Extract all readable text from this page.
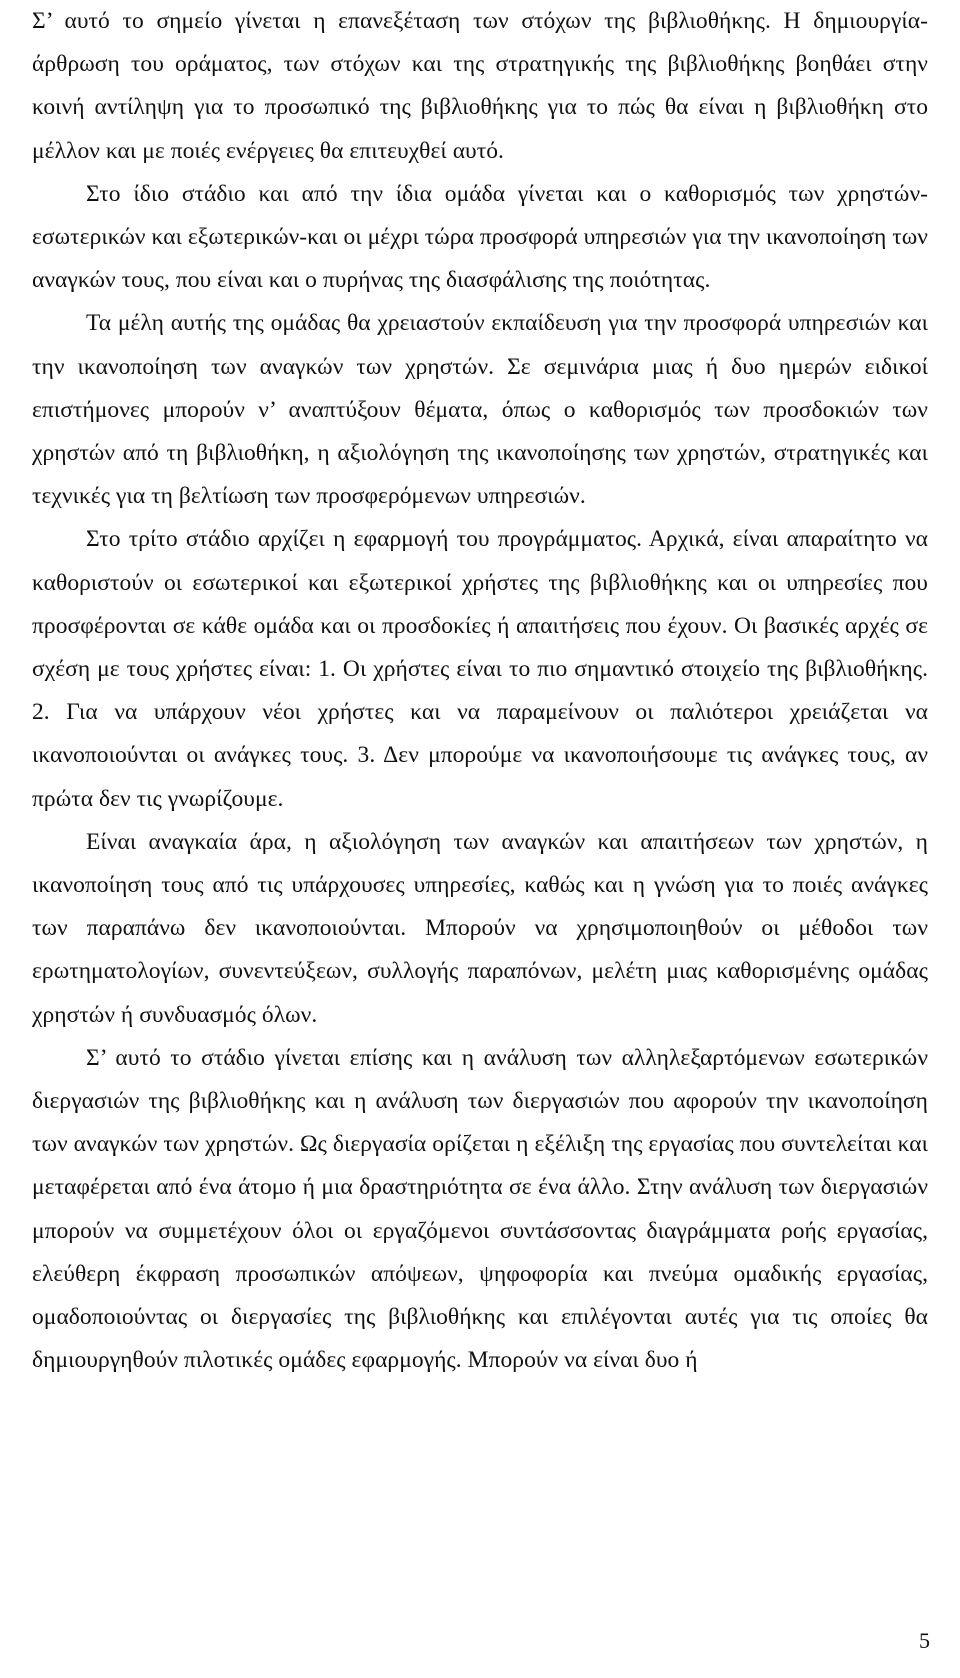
Σ’ αυτό το σημείο γίνεται η επανεξέταση των στόχων της βιβλιοθήκης. Η δημιουργία-άρθρωση του οράματος, των στόχων και της στρατηγικής της βιβλιοθήκης βοηθάει στην κοινή αντίληψη για το προσωπικό της βιβλιοθήκης για το πώς θα είναι η βιβλιοθήκη στο μέλλον και με ποιές ενέργειες θα επιτευχθεί αυτό.

Στο ίδιο στάδιο και από την ίδια ομάδα γίνεται και ο καθορισμός των χρηστών-εσωτερικών και εξωτερικών-και οι μέχρι τώρα προσφορά υπηρεσιών για την ικανοποίηση των αναγκών τους, που είναι και ο πυρήνας της διασφάλισης της ποιότητας.

Τα μέλη αυτής της ομάδας θα χρειαστούν εκπαίδευση για την προσφορά υπηρεσιών και την ικανοποίηση των αναγκών των χρηστών. Σε σεμινάρια μιας ή δυο ημερών ειδικοί επιστήμονες μπορούν ν’ αναπτύξουν θέματα, όπως ο καθορισμός των προσδοκιών των χρηστών από τη βιβλιοθήκη, η αξιολόγηση της ικανοποίησης των χρηστών, στρατηγικές και τεχνικές για τη βελτίωση των προσφερόμενων υπηρεσιών.

Στο τρίτο στάδιο αρχίζει η εφαρμογή του προγράμματος. Αρχικά, είναι απαραίτητο να καθοριστούν οι εσωτερικοί και εξωτερικοί χρήστες της βιβλιοθήκης και οι υπηρεσίες που προσφέρονται σε κάθε ομάδα και οι προσδοκίες ή απαιτήσεις που έχουν. Οι βασικές αρχές σε σχέση με τους χρήστες είναι: 1. Οι χρήστες είναι το πιο σημαντικό στοιχείο της βιβλιοθήκης. 2. Για να υπάρχουν νέοι χρήστες και να παραμείνουν οι παλιότεροι χρειάζεται να ικανοποιούνται οι ανάγκες τους. 3. Δεν μπορούμε να ικανοποιήσουμε τις ανάγκες τους, αν πρώτα δεν τις γνωρίζουμε.

Είναι αναγκαία άρα, η αξιολόγηση των αναγκών και απαιτήσεων των χρηστών, η ικανοποίηση τους από τις υπάρχουσες υπηρεσίες, καθώς και η γνώση για το ποιές ανάγκες των παραπάνω δεν ικανοποιούνται. Μπορούν να χρησιμοποιηθούν οι μέθοδοι των ερωτηματολογίων, συνεντεύξεων, συλλογής παραπόνων, μελέτη μιας καθορισμένης ομάδας χρηστών ή συνδυασμός όλων.

Σ’ αυτό το στάδιο γίνεται επίσης και η ανάλυση των αλληλεξαρτόμενων εσωτερικών διεργασιών της βιβλιοθήκης και η ανάλυση των διεργασιών που αφορούν την ικανοποίηση των αναγκών των χρηστών. Ως διεργασία ορίζεται η εξέλιξη της εργασίας που συντελείται και μεταφέρεται από ένα άτομο ή μια δραστηριότητα σε ένα άλλο. Στην ανάλυση των διεργασιών μπορούν να συμμετέχουν όλοι οι εργαζόμενοι συντάσσοντας διαγράμματα ροής εργασίας, ελεύθερη έκφραση προσωπικών απόψεων, ψηφοφορία και πνεύμα ομαδικής εργασίας, ομαδοποιούντας οι διεργασίες της βιβλιοθήκης και επιλέγονται αυτές για τις οποίες θα δημιουργηθούν πιλοτικές ομάδες εφαρμογής. Μπορούν να είναι δυο ή

5
